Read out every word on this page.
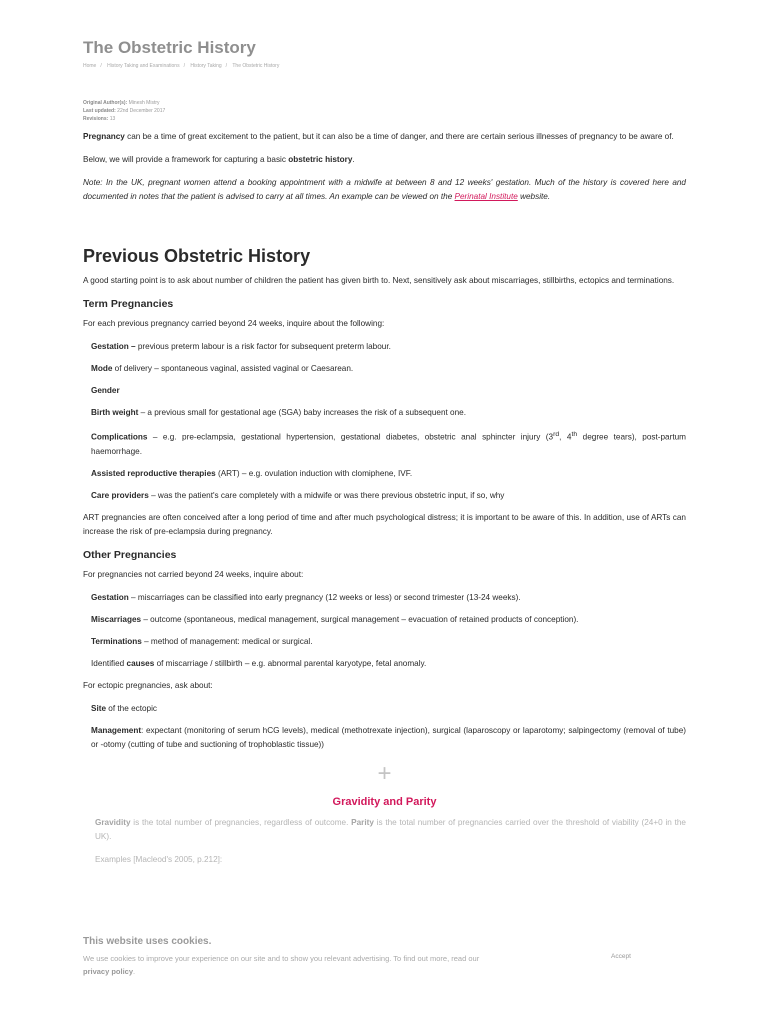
The Obstetric History
Home / History Taking and Examinations / History Taking / The Obstetric History
Original Author(s): Minesh Mistry
Last updated: 22nd December 2017
Revisions: 13

Pregnancy can be a time of great excitement to the patient, but it can also be a time of danger, and there are certain serious illnesses of pregnancy to be aware of.

Below, we will provide a framework for capturing a basic obstetric history.

Note: In the UK, pregnant women attend a booking appointment with a midwife at between 8 and 12 weeks' gestation. Much of the history is covered here and documented in notes that the patient is advised to carry at all times. An example can be viewed on the Perinatal Institute website.

Previous Obstetric History

A good starting point is to ask about number of children the patient has given birth to. Next, sensitively ask about miscarriages, stillbirths, ectopics and terminations.

Term Pregnancies

For each previous pregnancy carried beyond 24 weeks, inquire about the following:

Gestation – previous preterm labour is a risk factor for subsequent preterm labour.

Mode of delivery – spontaneous vaginal, assisted vaginal or Caesarean.

Gender

Birth weight – a previous small for gestational age (SGA) baby increases the risk of a subsequent one.

Complications – e.g. pre-eclampsia, gestational hypertension, gestational diabetes, obstetric anal sphincter injury (3rd, 4th degree tears), post-partum haemorrhage.

Assisted reproductive therapies (ART) – e.g. ovulation induction with clomiphene, IVF.

Care providers – was the patient's care completely with a midwife or was there previous obstetric input, if so, why

ART pregnancies are often conceived after a long period of time and after much psychological distress; it is important to be aware of this. In addition, use of ARTs can increase the risk of pre-eclampsia during pregnancy.

Other Pregnancies

For pregnancies not carried beyond 24 weeks, inquire about:

Gestation – miscarriages can be classified into early pregnancy (12 weeks or less) or second trimester (13-24 weeks).

Miscarriages – outcome (spontaneous, medical management, surgical management – evacuation of retained products of conception).

Terminations – method of management: medical or surgical.

Identified causes of miscarriage / stillbirth – e.g. abnormal parental karyotype, fetal anomaly.

For ectopic pregnancies, ask about:

Site of the ectopic

Management: expectant (monitoring of serum hCG levels), medical (methotrexate injection), surgical (laparoscopy or laparotomy; salpingectomy (removal of tube) or -otomy (cutting of tube and suctioning of trophoblastic tissue))

+
Gravidity and Parity

Gravidity is the total number of pregnancies, regardless of outcome. Parity is the total number of pregnancies carried over the threshold of viability (24+0 in the UK).

Examples [Macleod's 2005, p.212]:

This website uses cookies.
We use cookies to improve your experience on our site and to show you relevant advertising. To find out more, read our
privacy policy.
Accept
